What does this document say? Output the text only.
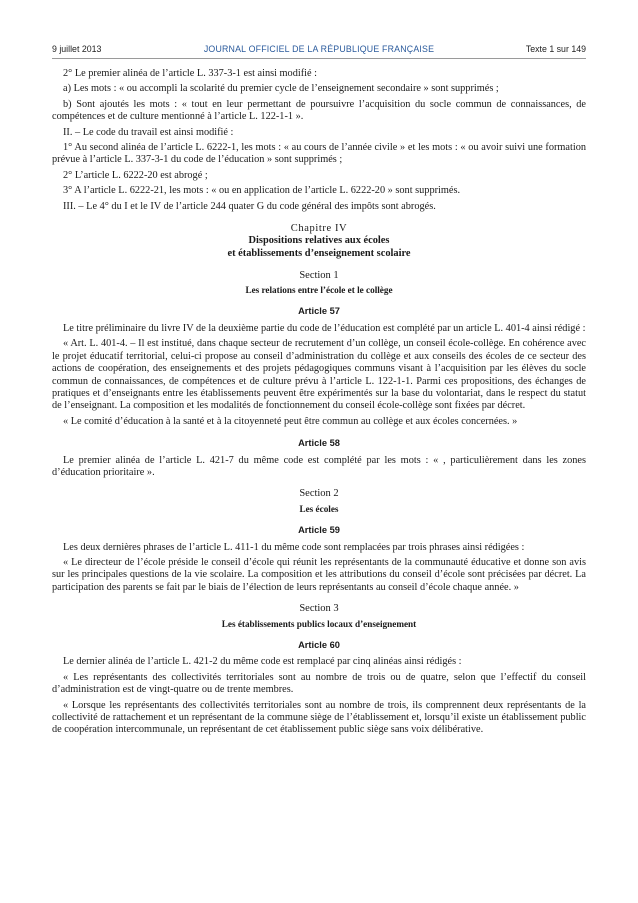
9 juillet 2013	JOURNAL OFFICIEL DE LA RÉPUBLIQUE FRANÇAISE	Texte 1 sur 149

2° Le premier alinéa de l’article L. 337-3-1 est ainsi modifié :

a) Les mots : « ou accompli la scolarité du premier cycle de l’enseignement secondaire » sont supprimés ;

b) Sont ajoutés les mots : « tout en leur permettant de poursuivre l’acquisition du socle commun de connaissances, de compétences et de culture mentionné à l’article L. 122-1-1 ».

II. – Le code du travail est ainsi modifié :

1° Au second alinéa de l’article L. 6222-1, les mots : « au cours de l’année civile » et les mots : « ou avoir suivi une formation prévue à l’article L. 337-3-1 du code de l’éducation » sont supprimés ;

2° L’article L. 6222-20 est abrogé ;

3° A l’article L. 6222-21, les mots : « ou en application de l’article L. 6222-20 » sont supprimés.

III. – Le 4° du I et le IV de l’article 244 quater G du code général des impôts sont abrogés.

Chapitre IV
Dispositions relatives aux écoles
et établissements d’enseignement scolaire
Section 1
Les relations entre l’école et le collège
Article 57

Le titre préliminaire du livre IV de la deuxième partie du code de l’éducation est complété par un article L. 401-4 ainsi rédigé :

« Art. L. 401-4. – Il est institué, dans chaque secteur de recrutement d’un collège, un conseil école-collège. En cohérence avec le projet éducatif territorial, celui-ci propose au conseil d’administration du collège et aux conseils des écoles de ce secteur des actions de coopération, des enseignements et des projets pédagogiques communs visant à l’acquisition par les élèves du socle commun de connaissances, de compétences et de culture prévu à l’article L. 122-1-1. Parmi ces propositions, des échanges de pratiques et d’enseignants entre les établissements peuvent être expérimentés sur la base du volontariat, dans le respect du statut de l’enseignant. La composition et les modalités de fonctionnement du conseil école-collège sont fixées par décret.

« Le comité d’éducation à la santé et à la citoyenneté peut être commun au collège et aux écoles concernées. »

Article 58

Le premier alinéa de l’article L. 421-7 du même code est complété par les mots : « , particulièrement dans les zones d’éducation prioritaire ».

Section 2
Les écoles
Article 59

Les deux dernières phrases de l’article L. 411-1 du même code sont remplacées par trois phrases ainsi rédigées :

« Le directeur de l’école préside le conseil d’école qui réunit les représentants de la communauté éducative et donne son avis sur les principales questions de la vie scolaire. La composition et les attributions du conseil d’école sont précisées par décret. La participation des parents se fait par le biais de l’élection de leurs représentants au conseil d’école chaque année. »

Section 3
Les établissements publics locaux d’enseignement
Article 60

Le dernier alinéa de l’article L. 421-2 du même code est remplacé par cinq alinéas ainsi rédigés :

« Les représentants des collectivités territoriales sont au nombre de trois ou de quatre, selon que l’effectif du conseil d’administration est de vingt-quatre ou de trente membres.

« Lorsque les représentants des collectivités territoriales sont au nombre de trois, ils comprennent deux représentants de la collectivité de rattachement et un représentant de la commune siège de l’établissement et, lorsqu’il existe un établissement public de coopération intercommunale, un représentant de cet établissement public siège sans voix délibérative.
